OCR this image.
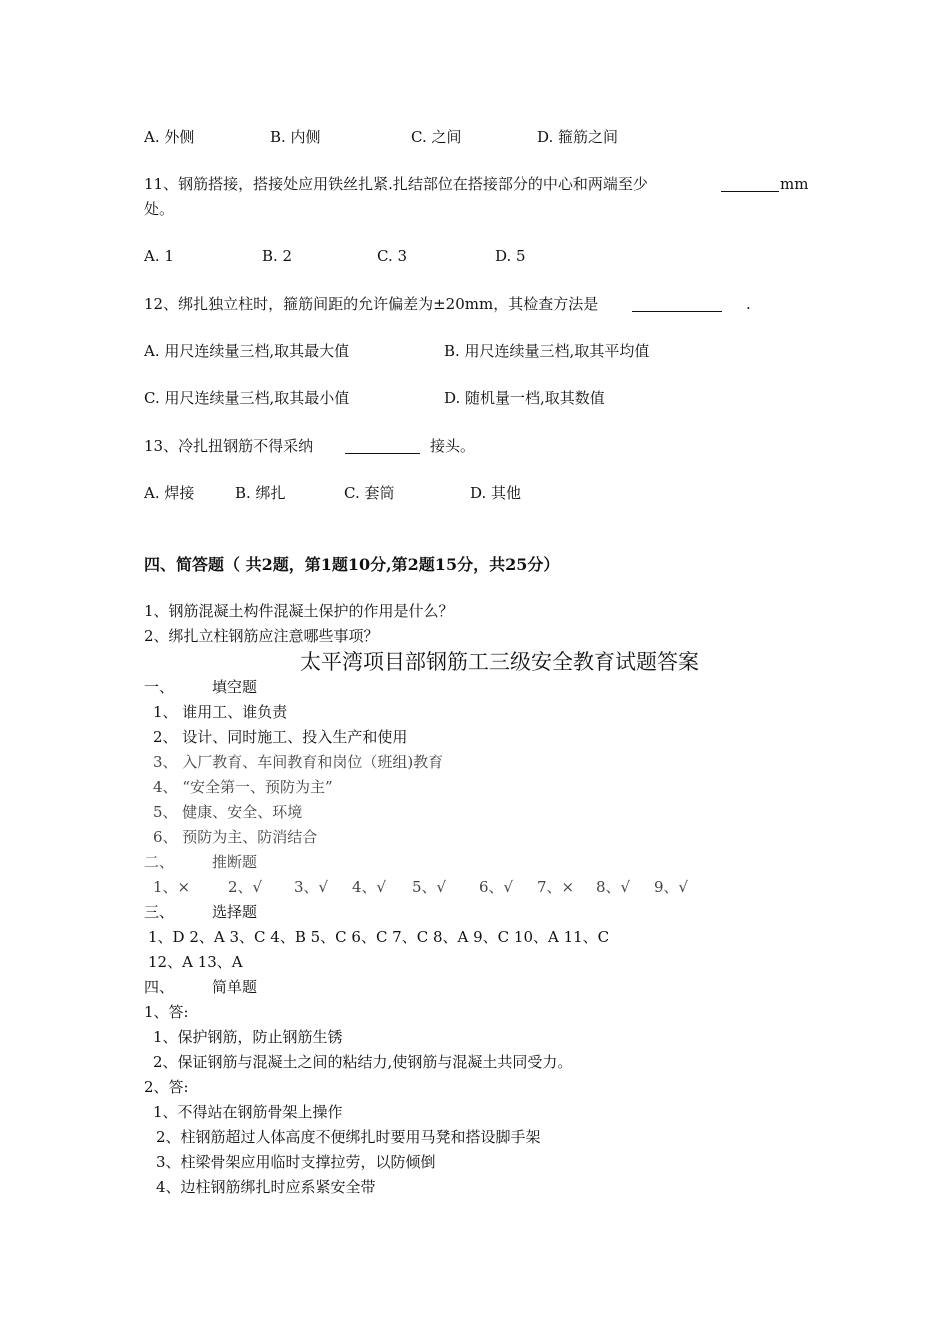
A. 外侧	B. 内侧	C. 之间	D. 箍筋之间
11、钢筋搭接，搭接处应用铁丝扎紧.扎结部位在搭接部分的中心和两端至少	mm
处。
A. 1	B. 2	C. 3	D. 5
12、绑扎独立柱时，箍筋间距的允许偏差为±20mm，其检查方法是	.
A. 用尺连续量三档,取其最大值	B. 用尺连续量三档,取其平均值
C. 用尺连续量三档,取其最小值	D. 随机量一档,取其数值
13、冷扎扭钢筋不得采纳	接头。
A. 焊接	B. 绑扎	C. 套筒	D. 其他
四、简答题（ 共2题，第1题10分,第2题15分，共25分）
1、钢筋混凝土构件混凝土保护的作用是什么？
2、绑扎立柱钢筋应注意哪些事项？
太平湾项目部钢筋工三级安全教育试题答案
一、	填空题
1、 谁用工、谁负责
2、 设计、同时施工、投入生产和使用
3、 入厂教育、车间教育和岗位（班组)教育
4、 “安全第一、预防为主”
5、 健康、安全、环境
6、 预防为主、防消结合
二、	推断题
1、×	2、√ 3、√ 4、√ 5、√ 6、√ 7、× 8、√ 9、√
三、	选择题
1、D 2、A 3、C 4、B 5、C 6、C 7、C 8、A 9、C 10、A 11、C
12、A 13、A
四、	简单题
1、答:
1、保护钢筋，防止钢筋生锈
2、保证钢筋与混凝土之间的粘结力,使钢筋与混凝土共同受力。
2、答:
1、不得站在钢筋骨架上操作
2、柱钢筋超过人体高度不便绑扎时要用马凳和搭设脚手架
3、柱梁骨架应用临时支撑拉劳，以防倾倒
4、边柱钢筋绑扎时应系紧安全带
